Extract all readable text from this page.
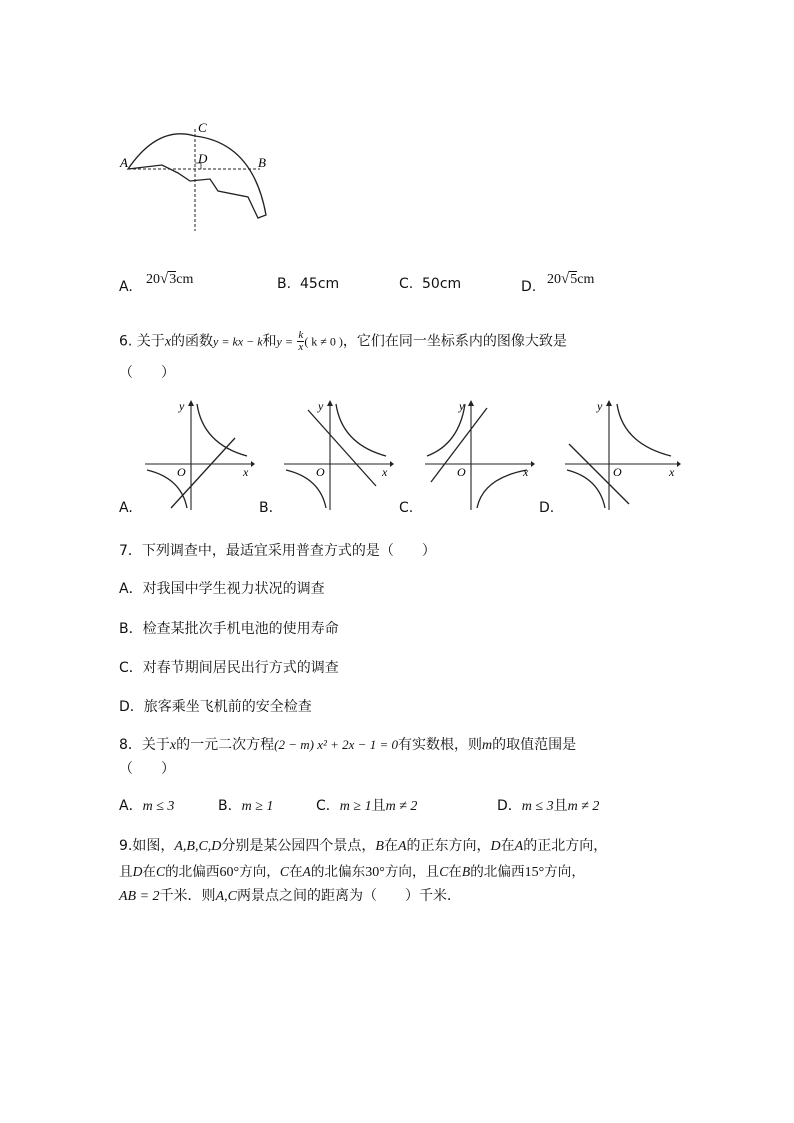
A	B
C
D
A. 20√3cm	B. 45cm	C. 50cm	D. 20√5cm
6. 关于x的函数y = kx − k和$y = \frac{k}{x}$ ( k ≠ 0 )，它们在同一坐标系内的图像大致是
（　　）
y
x
O
A.
y
x
O
B.
y
x
O
C.
y
x
O
D.
7．下列调查中，最适宜采用普查方式的是（　　）
A．对我国中学生视力状况的调查
B．检查某批次手机电池的使用寿命
C．对春节期间居民出行方式的调查
D．旅客乘坐飞机前的安全检查
8．关于x的一元二次方程(2 − m) x² + 2x − 1 = 0有实数根，则m的取值范围是
（　　）
A．m ≤ 3	B．m ≥ 1	C．m ≥ 1且m ≠ 2	D．m ≤ 3且m ≠ 2
9.如图，A,B,C,D分别是某公园四个景点，B在A的正东方向，D在A的正北方向，
且D在C的北偏西60°方向，C在A的北偏东30°方向，且C在B的北偏西15°方向，
AB = 2千米．则A,C两景点之间的距离为（　　）千米．
